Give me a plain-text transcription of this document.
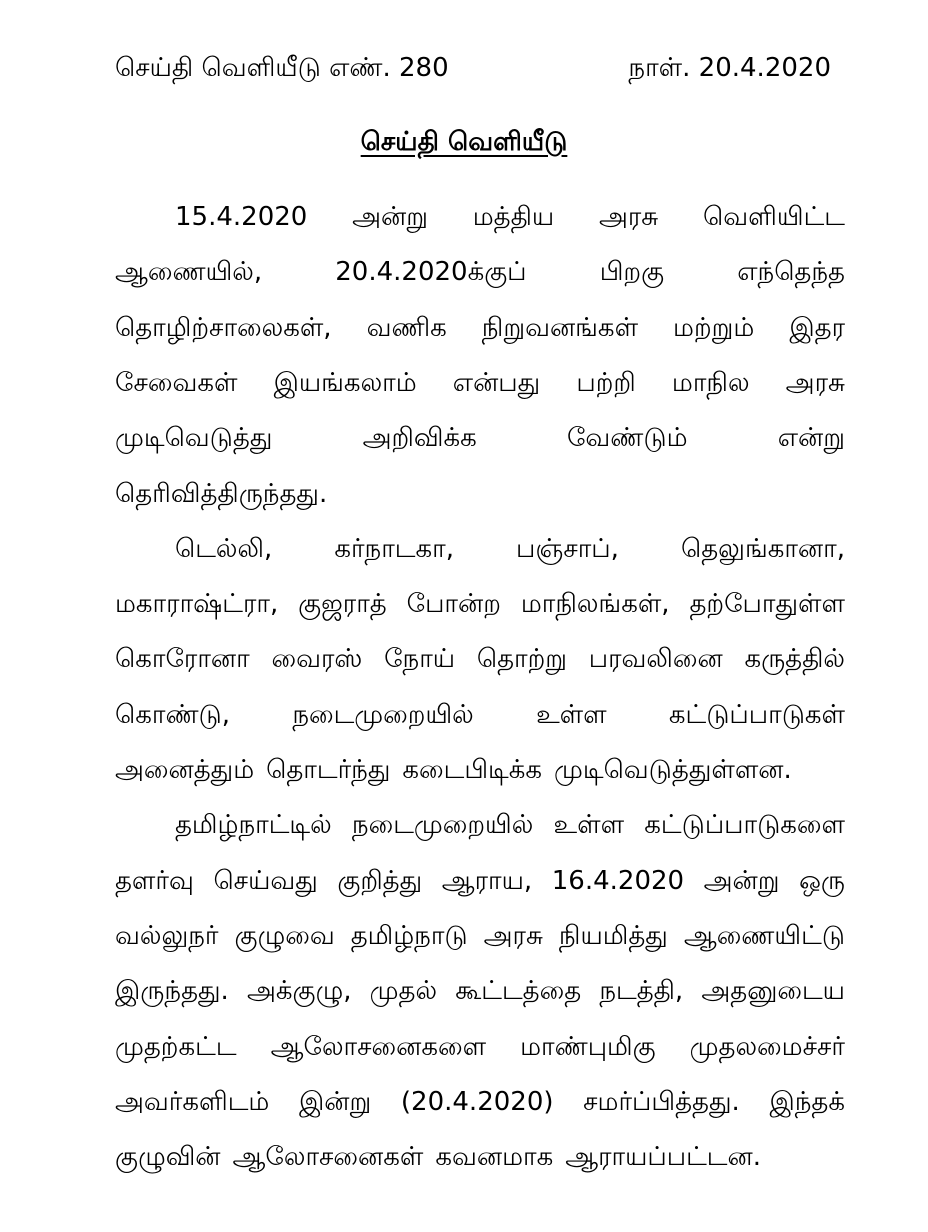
செய்தி வெளியீடு எண். 280	நாள். 20.4.2020
செய்தி வெளியீடு
15.4.2020 அன்று மத்திய அரசு வெளியிட்ட
ஆணையில்,	20.4.2020க்குப்	பிறகு	எந்தெந்த
தொழிற்சாலைகள், வணிக நிறுவனங்கள் மற்றும் இதர
சேவைகள் இயங்கலாம் என்பது பற்றி மாநில அரசு
முடிவெடுத்து	அறிவிக்க	வேண்டும்	என்று
தெரிவித்திருந்தது.
டெல்லி, கர்நாடகா, பஞ்சாப், தெலுங்கானா,
மகாராஷ்ட்ரா, குஜராத் போன்ற மாநிலங்கள், தற்போதுள்ள
கொரோனா வைரஸ் நோய் தொற்று பரவலினை கருத்தில்
கொண்டு, நடைமுறையில் உள்ள கட்டுப்பாடுகள்
அனைத்தும் தொடர்ந்து கடைபிடிக்க முடிவெடுத்துள்ளன.
தமிழ்நாட்டில் நடைமுறையில் உள்ள கட்டுப்பாடுகளை
தளர்வு செய்வது குறித்து ஆராய, 16.4.2020 அன்று ஒரு
வல்லுநர் குழுவை தமிழ்நாடு அரசு நியமித்து ஆணையிட்டு
இருந்தது. அக்குழு, முதல் கூட்டத்தை நடத்தி, அதனுடைய
முதற்கட்ட ஆலோசனைகளை மாண்புமிகு முதலமைச்சர்
அவர்களிடம் இன்று (20.4.2020) சமர்ப்பித்தது. இந்தக்
குழுவின் ஆலோசனைகள் கவனமாக ஆராயப்பட்டன.
